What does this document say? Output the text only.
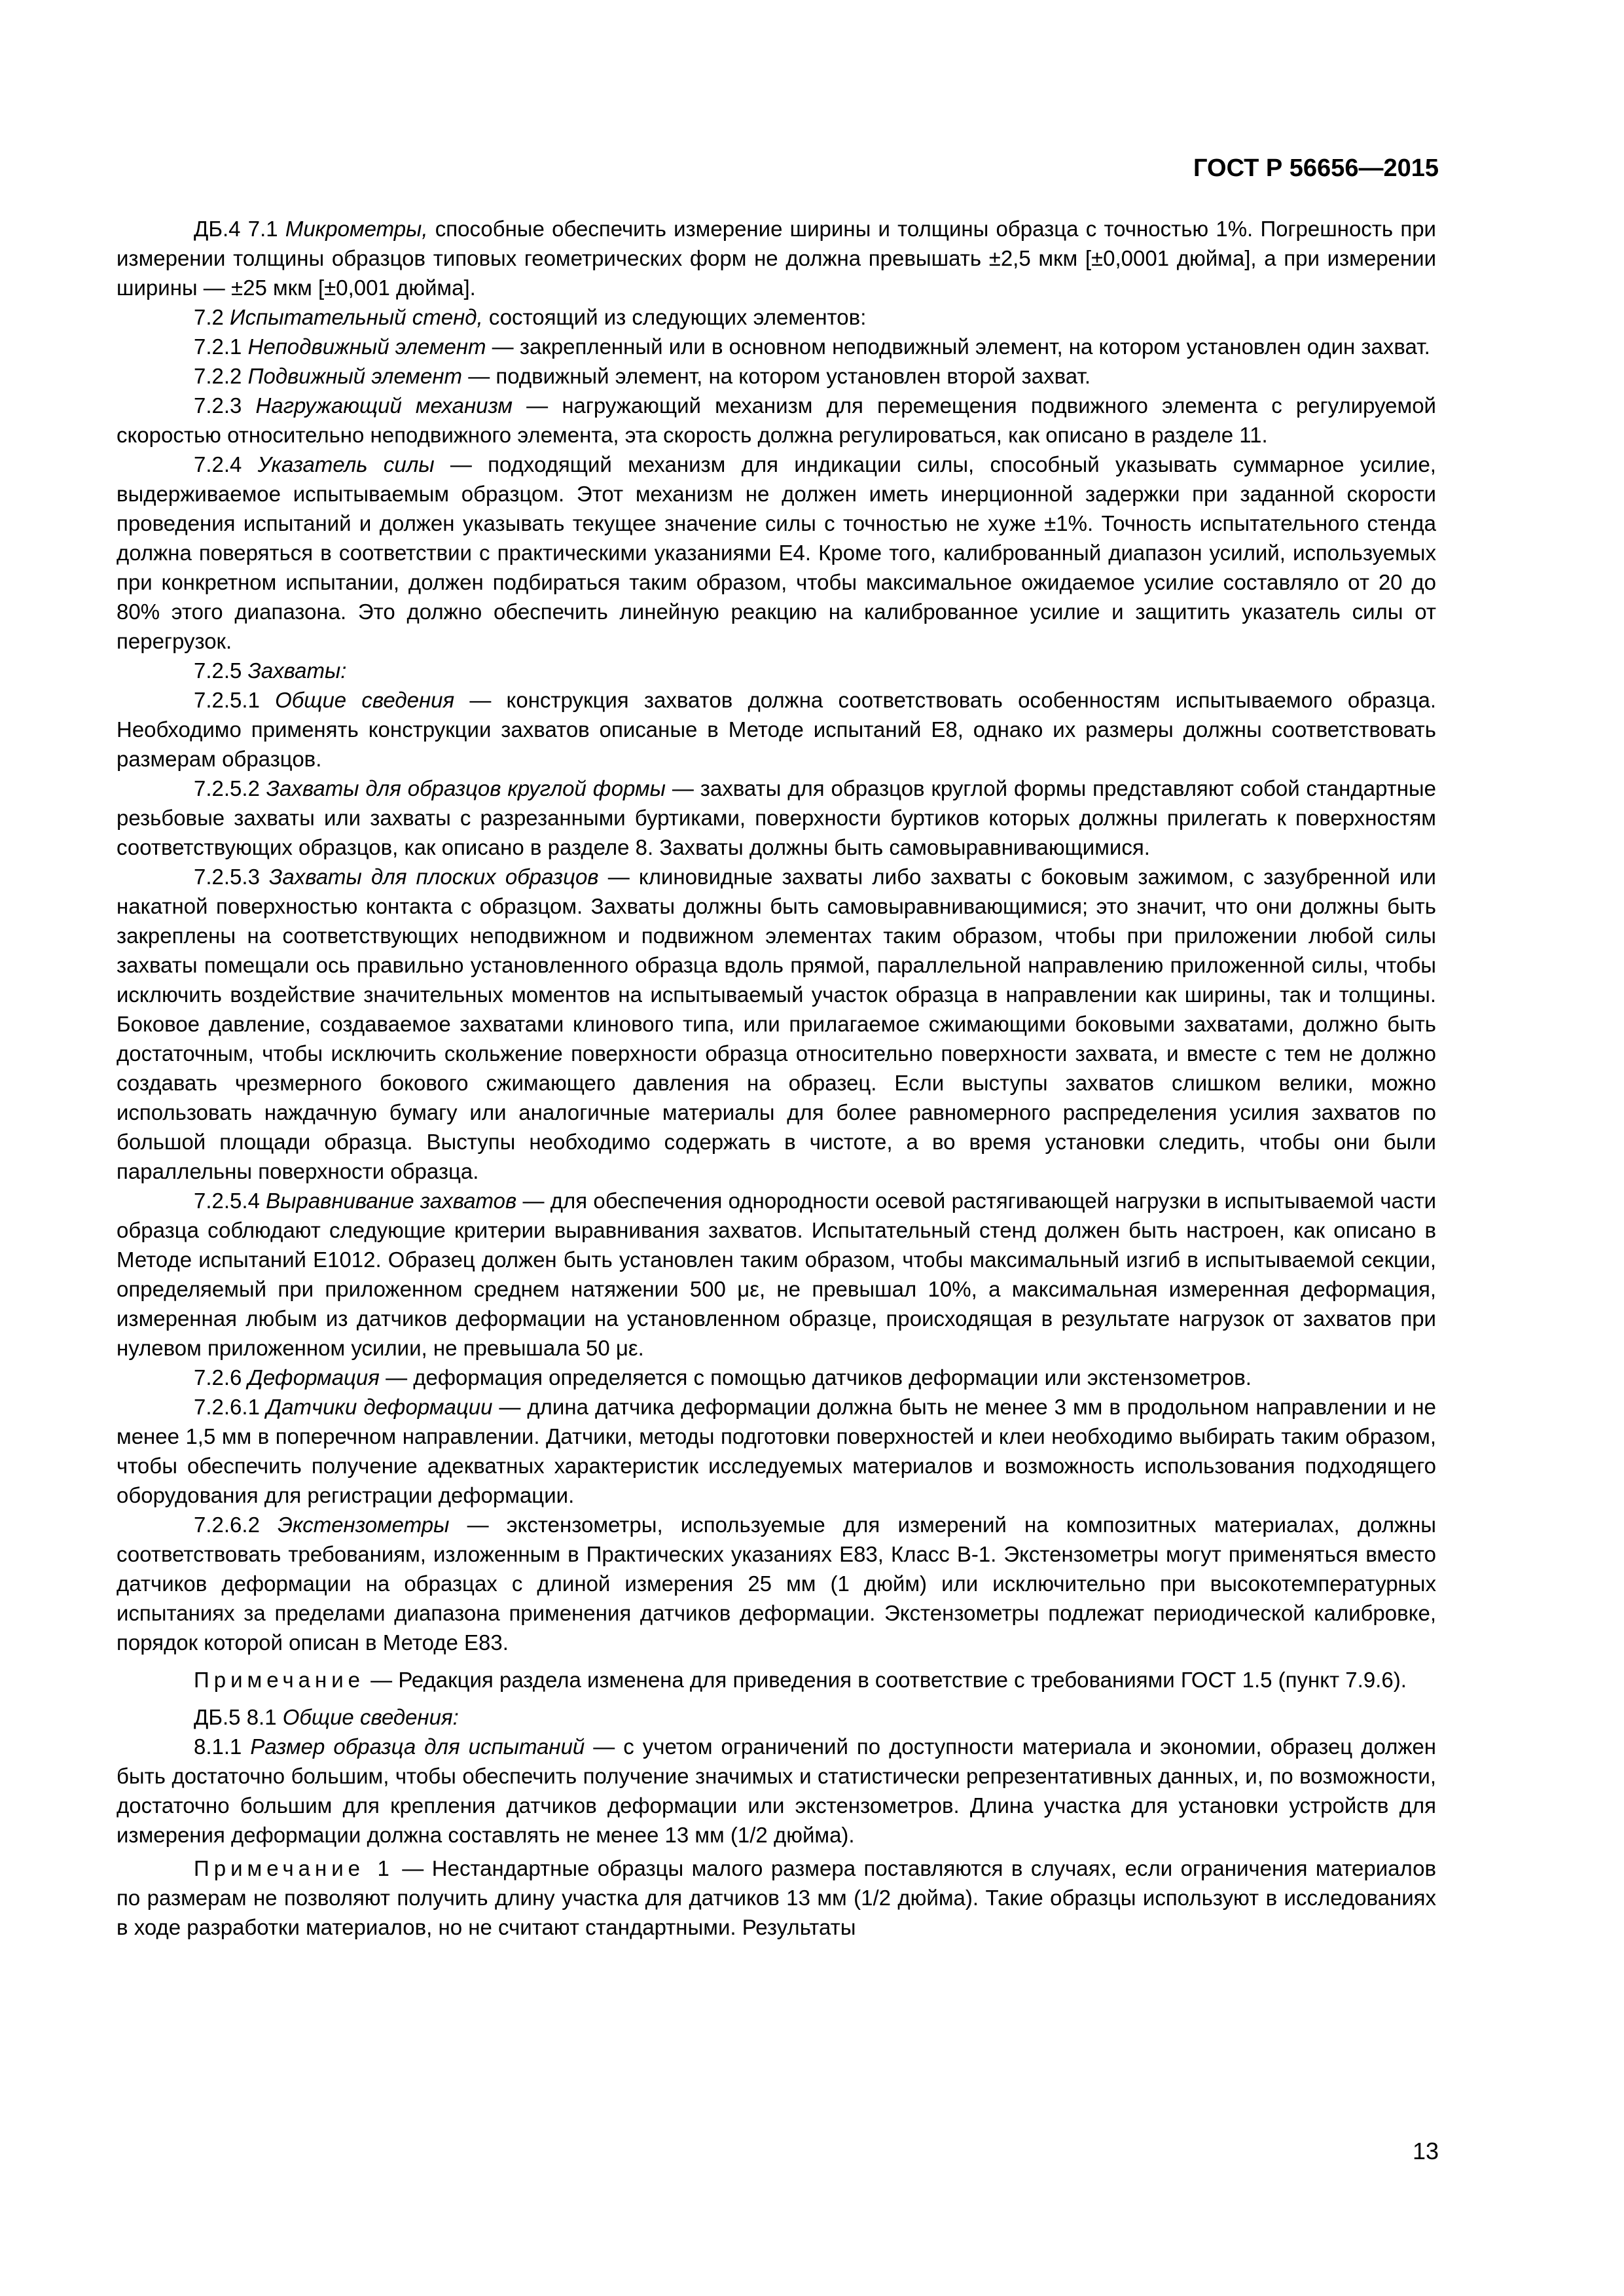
ГОСТ Р 56656—2015

ДБ.4 7.1 Микрометры, способные обеспечить измерение ширины и толщины образца с точностью 1%. Погрешность при измерении толщины образцов типовых геометрических форм не должна превышать ±2,5 мкм [±0,0001 дюйма], а при измерении ширины — ±25 мкм [±0,001 дюйма].

7.2 Испытательный стенд, состоящий из следующих элементов:

7.2.1 Неподвижный элемент — закрепленный или в основном неподвижный элемент, на котором установлен один захват.

7.2.2 Подвижный элемент — подвижный элемент, на котором установлен второй захват.

7.2.3 Нагружающий механизм — нагружающий механизм для перемещения подвижного элемента с регулируемой скоростью относительно неподвижного элемента, эта скорость должна регулироваться, как описано в разделе 11.

7.2.4 Указатель силы — подходящий механизм для индикации силы, способный указывать суммарное усилие, выдерживаемое испытываемым образцом. Этот механизм не должен иметь инерционной задержки при заданной скорости проведения испытаний и должен указывать текущее значение силы с точностью не хуже ±1%. Точность испытательного стенда должна поверяться в соответствии с практическими указаниями E4. Кроме того, калиброванный диапазон усилий, используемых при конкретном испытании, должен подбираться таким образом, чтобы максимальное ожидаемое усилие составляло от 20 до 80% этого диапазона. Это должно обеспечить линейную реакцию на калиброванное усилие и защитить указатель силы от перегрузок.

7.2.5 Захваты:

7.2.5.1 Общие сведения — конструкция захватов должна соответствовать особенностям испытываемого образца. Необходимо применять конструкции захватов описаные в Методе испытаний E8, однако их размеры должны соответствовать размерам образцов.

7.2.5.2 Захваты для образцов круглой формы — захваты для образцов круглой формы представляют собой стандартные резьбовые захваты или захваты с разрезанными буртиками, поверхности буртиков которых должны прилегать к поверхностям соответствующих образцов, как описано в разделе 8. Захваты должны быть самовыравнивающимися.

7.2.5.3 Захваты для плоских образцов — клиновидные захваты либо захваты с боковым зажимом, с зазубренной или накатной поверхностью контакта с образцом. Захваты должны быть самовыравнивающимися; это значит, что они должны быть закреплены на соответствующих неподвижном и подвижном элементах таким образом, чтобы при приложении любой силы захваты помещали ось правильно установленного образца вдоль прямой, параллельной направлению приложенной силы, чтобы исключить воздействие значительных моментов на испытываемый участок образца в направлении как ширины, так и толщины. Боковое давление, создаваемое захватами клинового типа, или прилагаемое сжимающими боковыми захватами, должно быть достаточным, чтобы исключить скольжение поверхности образца относительно поверхности захвата, и вместе с тем не должно создавать чрезмерного бокового сжимающего давления на образец. Если выступы захватов слишком велики, можно использовать наждачную бумагу или аналогичные материалы для более равномерного распределения усилия захватов по большой площади образца. Выступы необходимо содержать в чистоте, а во время установки следить, чтобы они были параллельны поверхности образца.

7.2.5.4 Выравнивание захватов — для обеспечения однородности осевой растягивающей нагрузки в испытываемой части образца соблюдают следующие критерии выравнивания захватов. Испытательный стенд должен быть настроен, как описано в Методе испытаний E1012. Образец должен быть установлен таким образом, чтобы максимальный изгиб в испытываемой секции, определяемый при приложенном среднем натяжении 500 με, не превышал 10%, а максимальная измеренная деформация, измеренная любым из датчиков деформации на установленном образце, происходящая в результате нагрузок от захватов при нулевом приложенном усилии, не превышала 50 με.

7.2.6 Деформация — деформация определяется с помощью датчиков деформации или экстензометров.

7.2.6.1 Датчики деформации — длина датчика деформации должна быть не менее 3 мм в продольном направлении и не менее 1,5 мм в поперечном направлении. Датчики, методы подготовки поверхностей и клеи необходимо выбирать таким образом, чтобы обеспечить получение адекватных характеристик исследуемых материалов и возможность использования подходящего оборудования для регистрации деформации.

7.2.6.2 Экстензометры — экстензометры, используемые для измерений на композитных материалах, должны соответствовать требованиям, изложенным в Практических указаниях E83, Класс B-1. Экстензометры могут применяться вместо датчиков деформации на образцах с длиной измерения 25 мм (1 дюйм) или исключительно при высокотемпературных испытаниях за пределами диапазона применения датчиков деформации. Экстензометры подлежат периодической калибровке, порядок которой описан в Методе E83.

Примечание — Редакция раздела изменена для приведения в соответствие с требованиями ГОСТ 1.5 (пункт 7.9.6).

ДБ.5 8.1 Общие сведения:

8.1.1 Размер образца для испытаний — с учетом ограничений по доступности материала и экономии, образец должен быть достаточно большим, чтобы обеспечить получение значимых и статистически репрезентативных данных, и, по возможности, достаточно большим для крепления датчиков деформации или экстензометров. Длина участка для установки устройств для измерения деформации должна составлять не менее 13 мм (1/2 дюйма).

Примечание 1 — Нестандартные образцы малого размера поставляются в случаях, если ограничения материалов по размерам не позволяют получить длину участка для датчиков 13 мм (1/2 дюйма). Такие образцы используют в исследованиях в ходе разработки материалов, но не считают стандартными. Результаты

13
